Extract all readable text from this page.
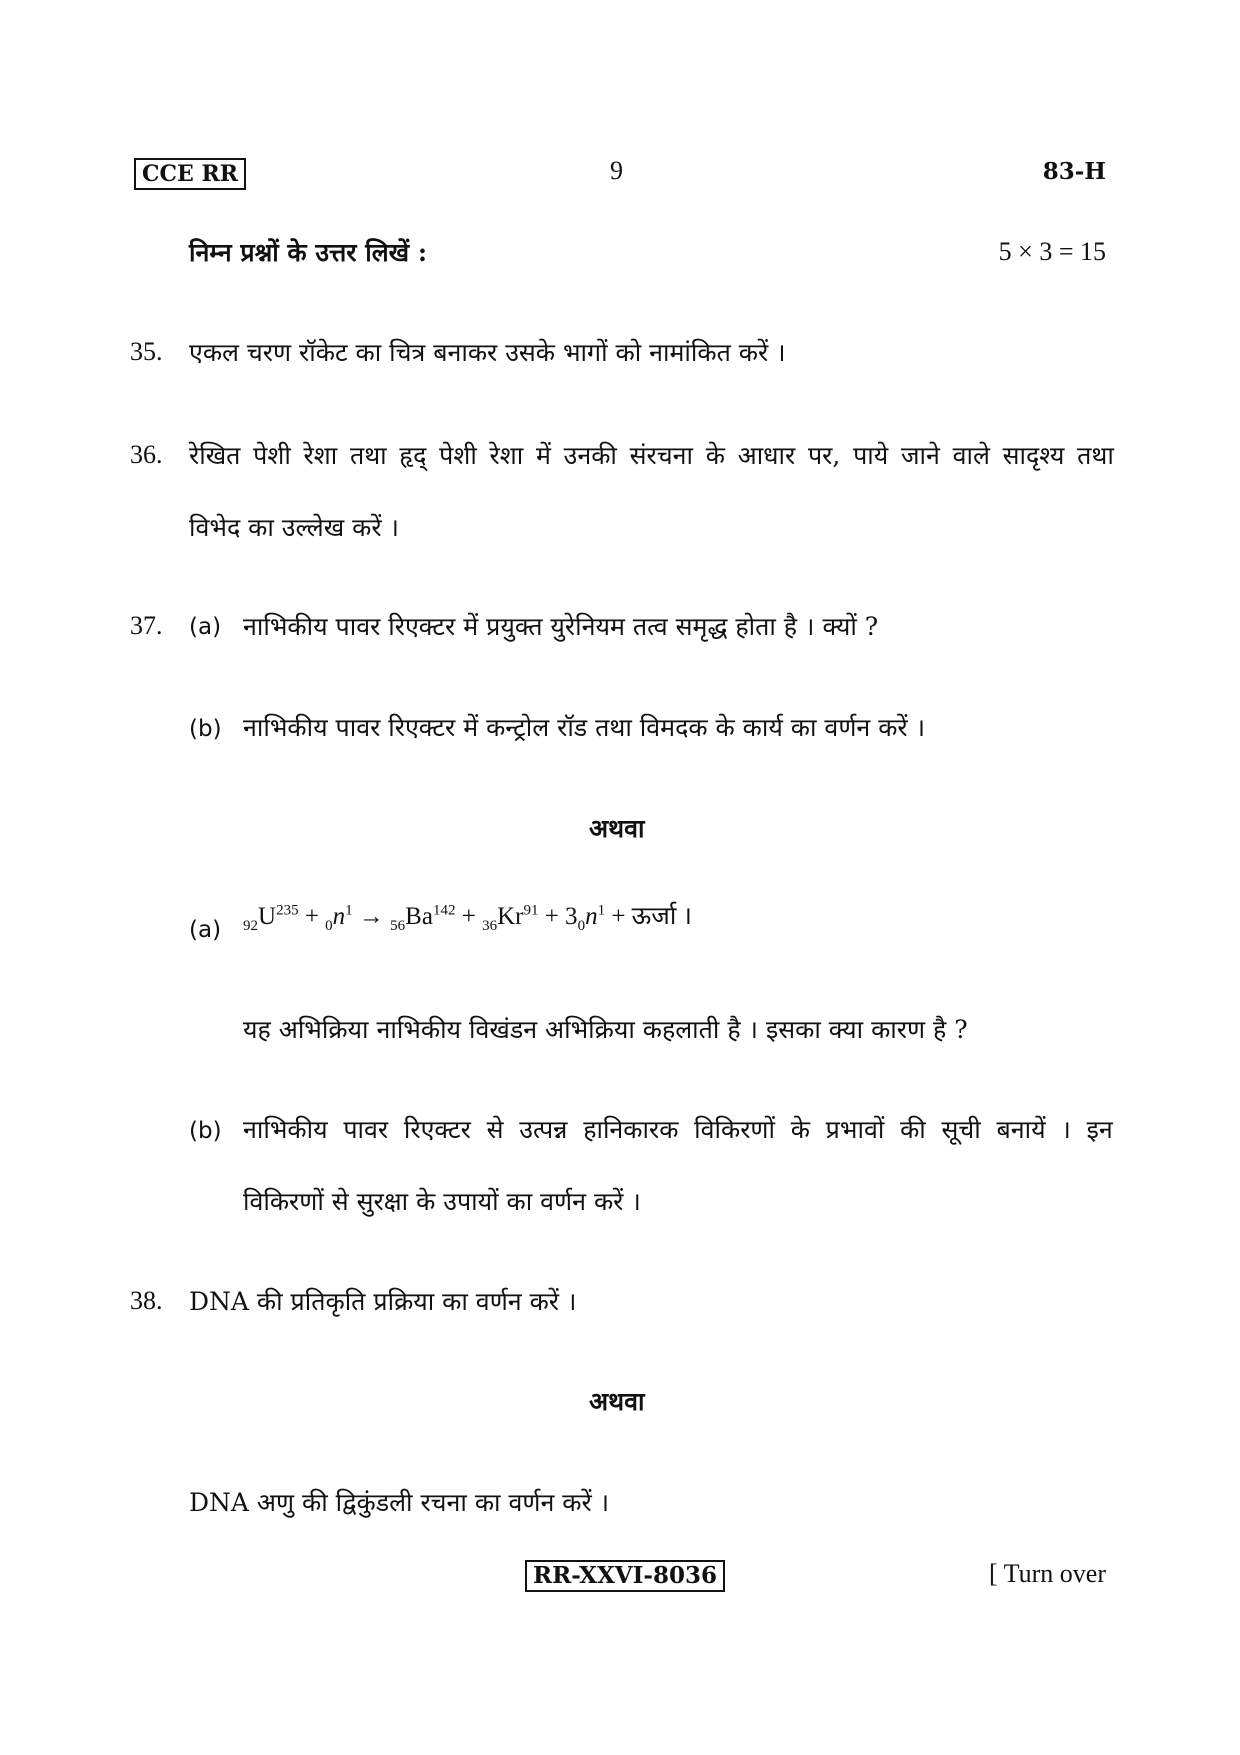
CCE RR	9	83-H
निम्न प्रश्नों के उत्तर लिखें :	5 × 3 = 15
35. एकल चरण रॉकेट का चित्र बनाकर उसके भागों को नामांकित करें ।
36. रेखित पेशी रेशा तथा हृद् पेशी रेशा में उनकी संरचना के आधार पर, पाये जाने वाले सादृश्य तथा
विभेद का उल्लेख करें ।
37. (a) नाभिकीय पावर रिएक्टर में प्रयुक्त युरेनियम तत्व समृद्ध होता है । क्यों ?
(b) नाभिकीय पावर रिएक्टर में कन्ट्रोल रॉड तथा विमदक के कार्य का वर्णन करें ।
अथवा
(a) $_{92}U^{235} + _0n^1 \to _{56}Ba^{142} + _{36}Kr^{91} + 3_0n^1$ + ऊर्जा ।
यह अभिक्रिया नाभिकीय विखंडन अभिक्रिया कहलाती है । इसका क्या कारण है ?
(b) नाभिकीय पावर रिएक्टर से उत्पन्न हानिकारक विकिरणों के प्रभावों की सूची बनायें । इन
विकिरणों से सुरक्षा के उपायों का वर्णन करें ।
38. DNA की प्रतिकृति प्रक्रिया का वर्णन करें ।
अथवा
DNA अणु की द्विकुंडली रचना का वर्णन करें ।
RR-XXVI-8036	[ Turn over
